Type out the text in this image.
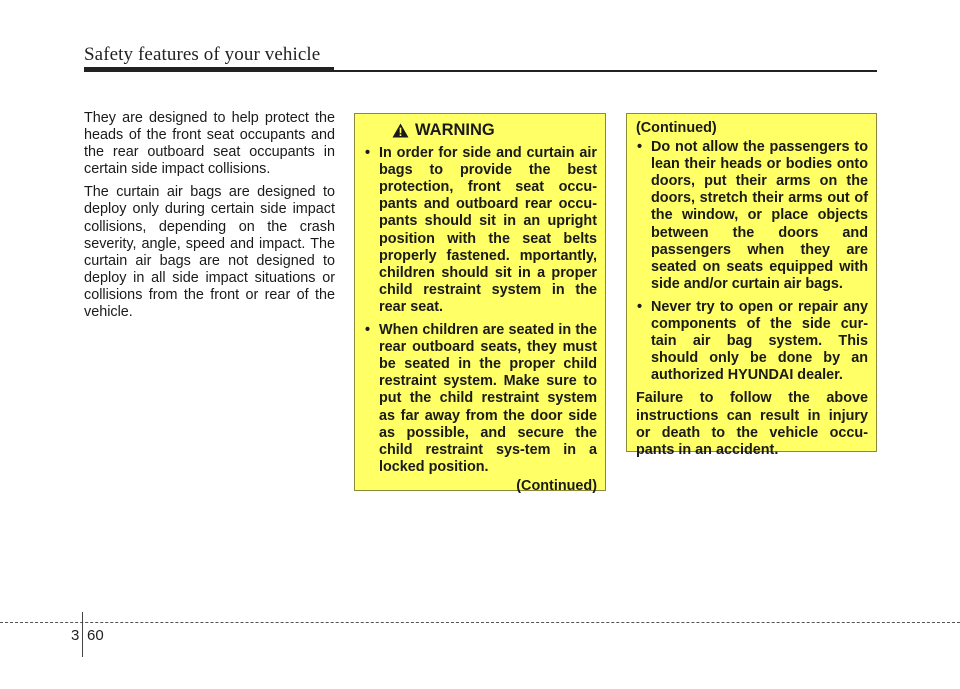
Safety features of your vehicle

They are designed to help protect the heads of the front seat occupants and the rear outboard seat occupants in certain side impact collisions.

The curtain air bags are designed to deploy only during certain side impact collisions, depending on the crash severity, angle, speed and impact. The curtain air bags are not designed to deploy in all side impact situations or collisions from the front or rear of the vehicle.

WARNING
• In order for side and curtain air bags to provide the best protection, front seat occu-pants and outboard rear occu-pants should sit in an upright position with the seat belts properly fastened. mportantly, children should sit in a proper child restraint system in the rear seat.
• When children are seated in the rear outboard seats, they must be seated in the proper child restraint system. Make sure to put the child restraint system as far away from the door side as possible, and secure the child restraint sys-tem in a locked position.
(Continued)
(Continued)
• Do not allow the passengers to lean their heads or bodies onto doors, put their arms on the doors, stretch their arms out of the window, or place objects between the doors and passengers when they are seated on seats equipped with side and/or curtain air bags.
• Never try to open or repair any components of the side cur-tain air bag system. This should only be done by an authorized HYUNDAI dealer.
Failure to follow the above instructions can result in injury or death to the vehicle occu-pants in an accident.
3 60
